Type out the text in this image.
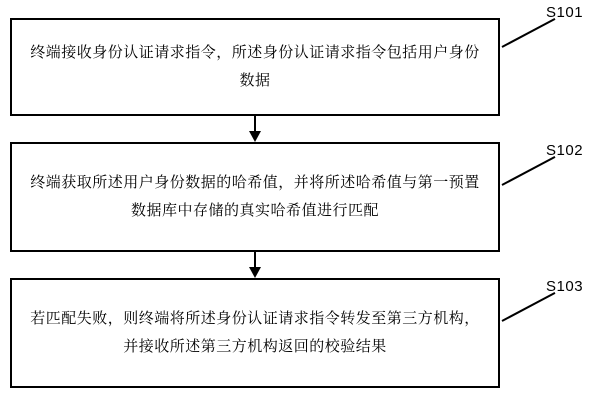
终端接收身份认证请求指令，所述身份认证请求指令包括用户身份数据
S101
终端获取所述用户身份数据的哈希值，并将所述哈希值与第一预置数据库中存储的真实哈希值进行匹配
S102
若匹配失败，则终端将所述身份认证请求指令转发至第三方机构，并接收所述第三方机构返回的校验结果
S103
